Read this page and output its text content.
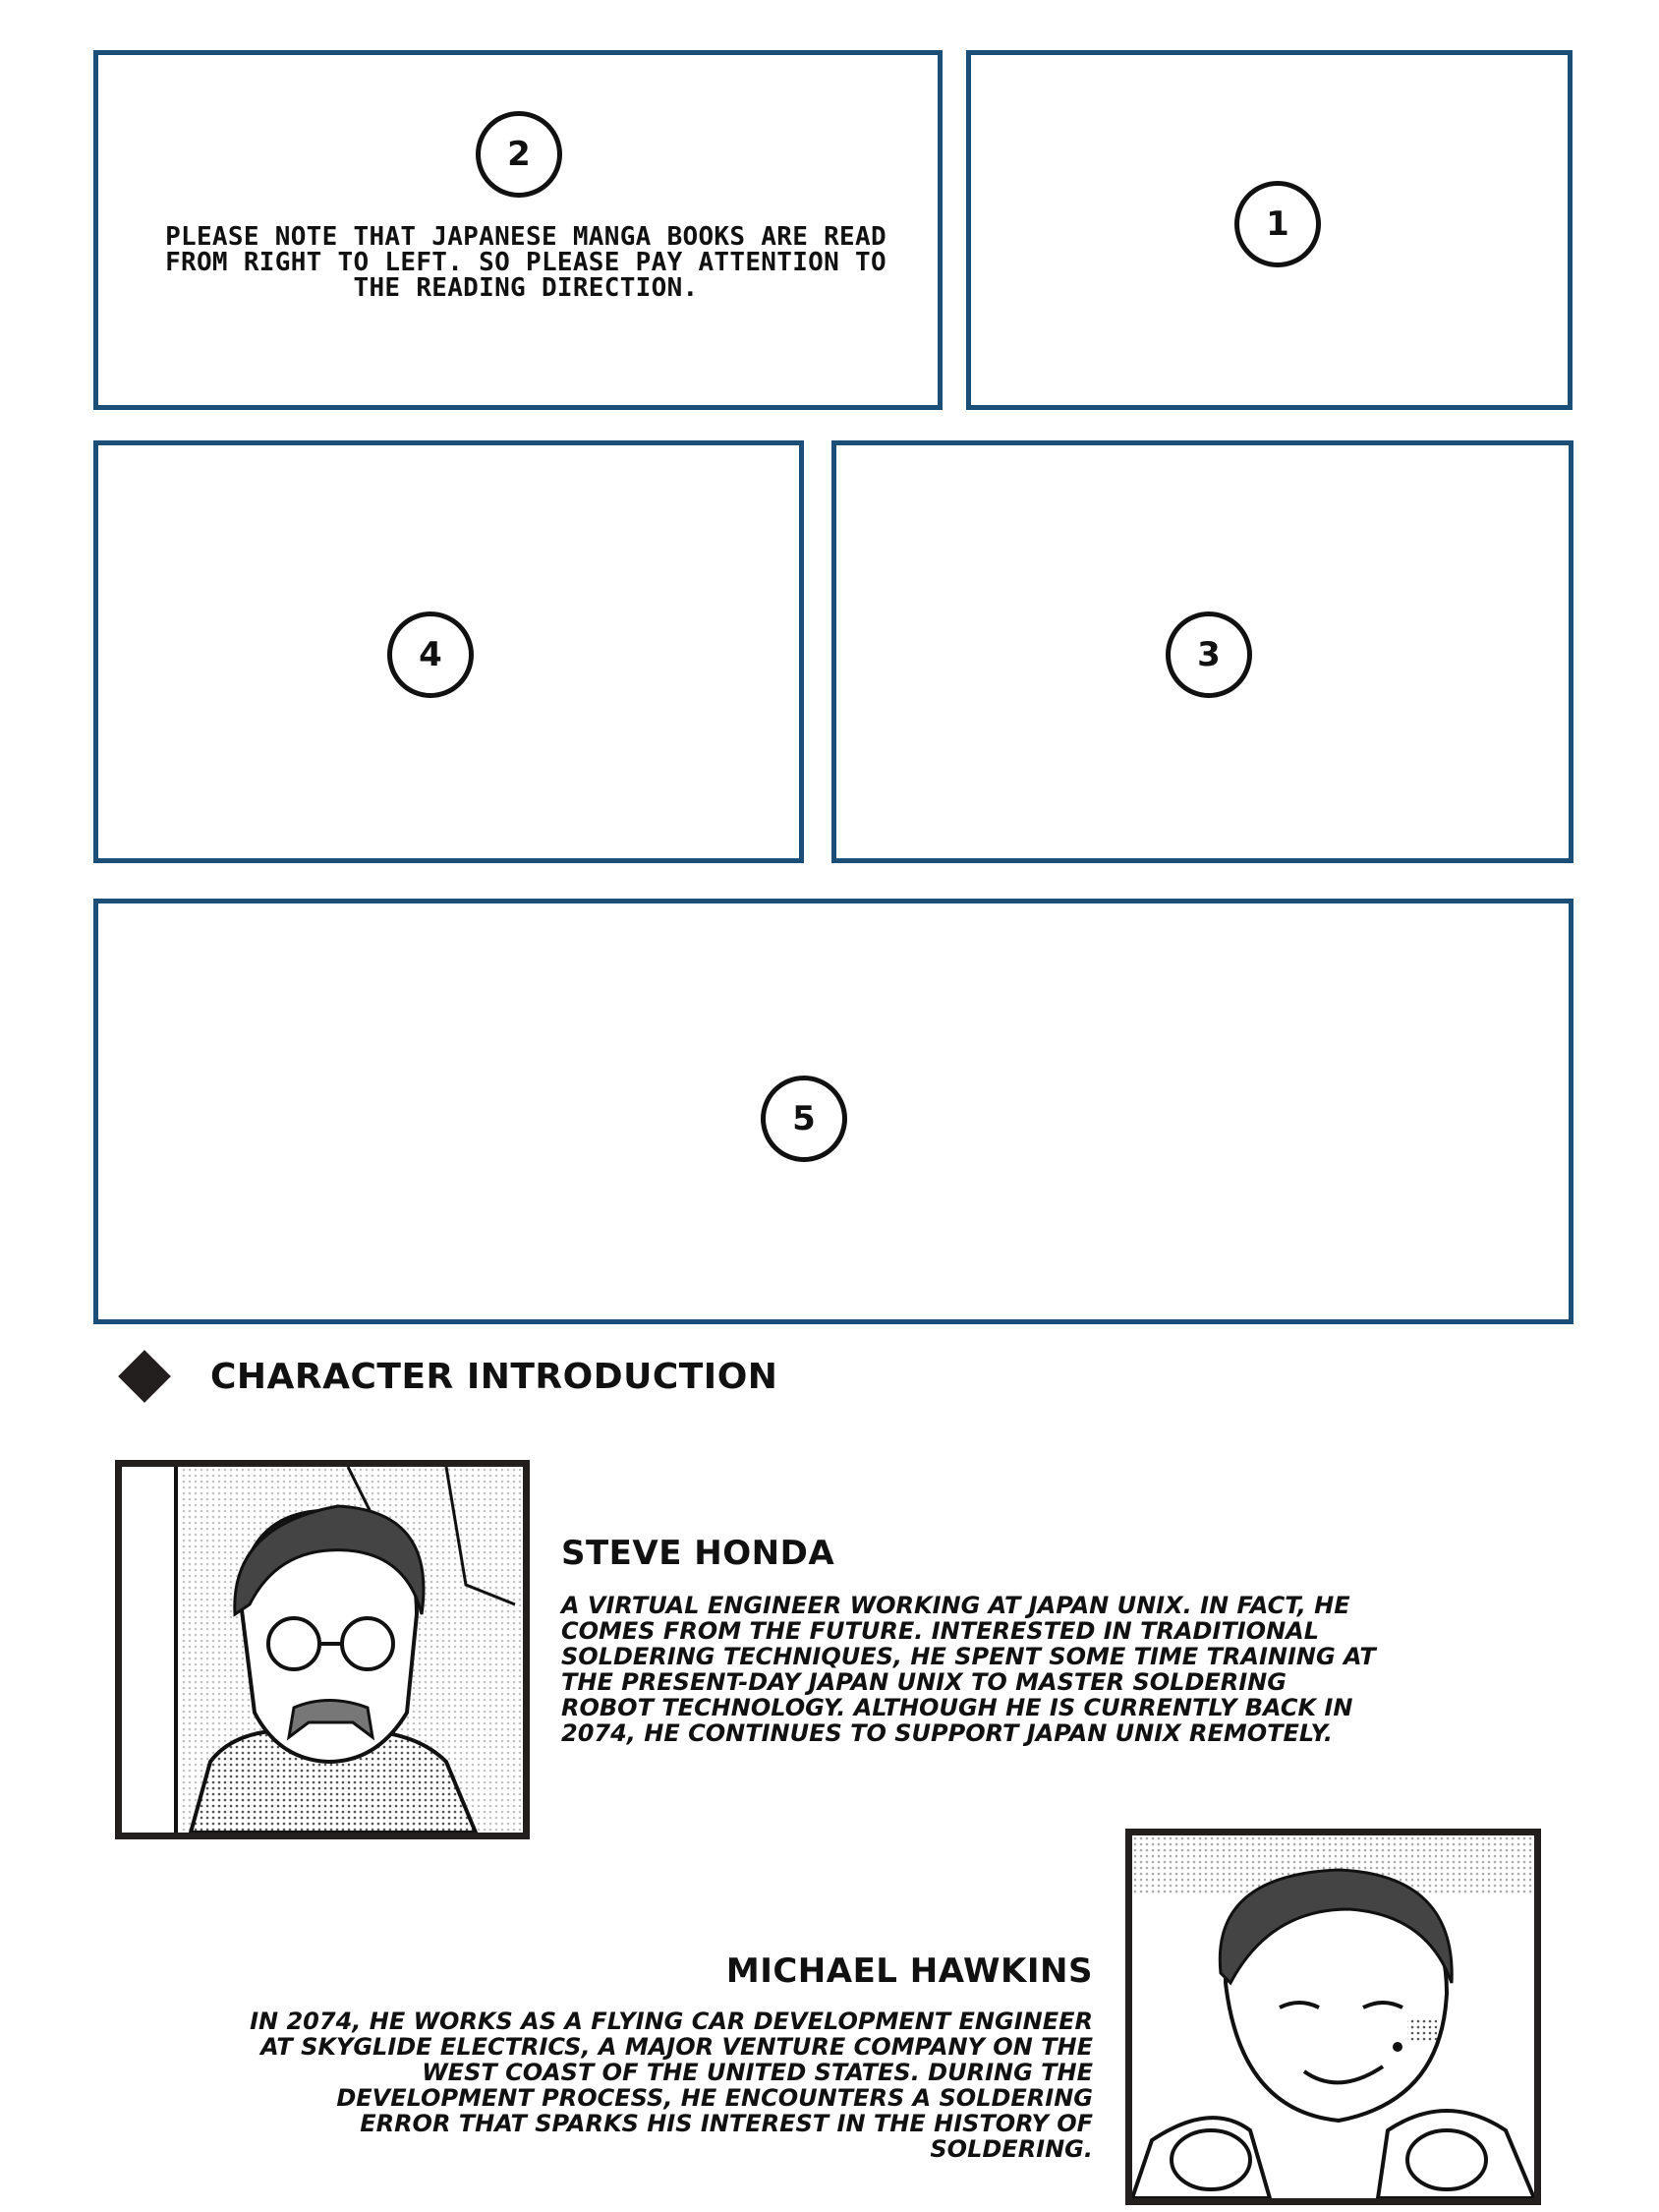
2
PLEASE NOTE THAT JAPANESE MANGA BOOKS ARE READ FROM RIGHT TO LEFT. SO PLEASE PAY ATTENTION TO THE READING DIRECTION.
1
4	3
5
CHARACTER INTRODUCTION
STEVE HONDA
A VIRTUAL ENGINEER WORKING AT JAPAN UNIX. IN FACT, HE COMES FROM THE FUTURE. INTERESTED IN TRADITIONAL SOLDERING TECHNIQUES, HE SPENT SOME TIME TRAINING AT THE PRESENT-DAY JAPAN UNIX TO MASTER SOLDERING ROBOT TECHNOLOGY. ALTHOUGH HE IS CURRENTLY BACK IN 2074, HE CONTINUES TO SUPPORT JAPAN UNIX REMOTELY.
MICHAEL HAWKINS
IN 2074, HE WORKS AS A FLYING CAR DEVELOPMENT ENGINEER AT SKYGLIDE ELECTRICS, A MAJOR VENTURE COMPANY ON THE WEST COAST OF THE UNITED STATES. DURING THE DEVELOPMENT PROCESS, HE ENCOUNTERS A SOLDERING ERROR THAT SPARKS HIS INTEREST IN THE HISTORY OF SOLDERING.
